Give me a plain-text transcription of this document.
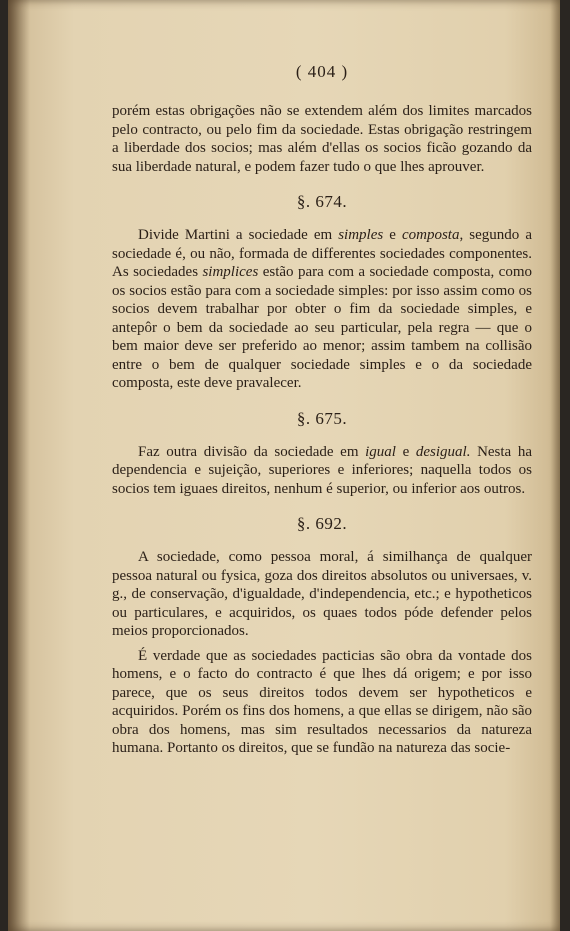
( 404 )

porém estas obrigações não se extendem além dos limites marcados pelo contracto, ou pelo fim da sociedade. Estas obrigação restringem a liberdade dos socios; mas além d'ellas os socios ficão gozando da sua liberdade natural, e podem fazer tudo o que lhes aprouver.

§. 674.

Divide Martini a sociedade em simples e composta, segundo a sociedade é, ou não, formada de differentes sociedades componentes. As sociedades simplices estão para com a sociedade composta, como os socios estão para com a sociedade simples: por isso assim como os socios devem trabalhar por obter o fim da sociedade simples, e antepôr o bem da sociedade ao seu particular, pela regra — que o bem maior deve ser preferido ao menor; assim tambem na collisão entre o bem de qualquer sociedade simples e o da sociedade composta, este deve pravalecer.

§. 675.

Faz outra divisão da sociedade em igual e desigual. Nesta ha dependencia e sujeição, superiores e inferiores; naquella todos os socios tem iguaes direitos, nenhum é superior, ou inferior aos outros.

§. 692.

A sociedade, como pessoa moral, á similhança de qualquer pessoa natural ou fysica, goza dos direitos absolutos ou universaes, v. g., de conservação, d'igualdade, d'independencia, etc.; e hypotheticos ou particulares, e acquiridos, os quaes todos póde defender pelos meios proporcionados.

É verdade que as sociedades pacticias são obra da vontade dos homens, e o facto do contracto é que lhes dá origem; e por isso parece, que os seus direitos todos devem ser hypotheticos e acquiridos. Porém os fins dos homens, a que ellas se dirigem, não são obra dos homens, mas sim resultados necessarios da natureza humana. Portanto os direitos, que se fundão na natureza das socie-
